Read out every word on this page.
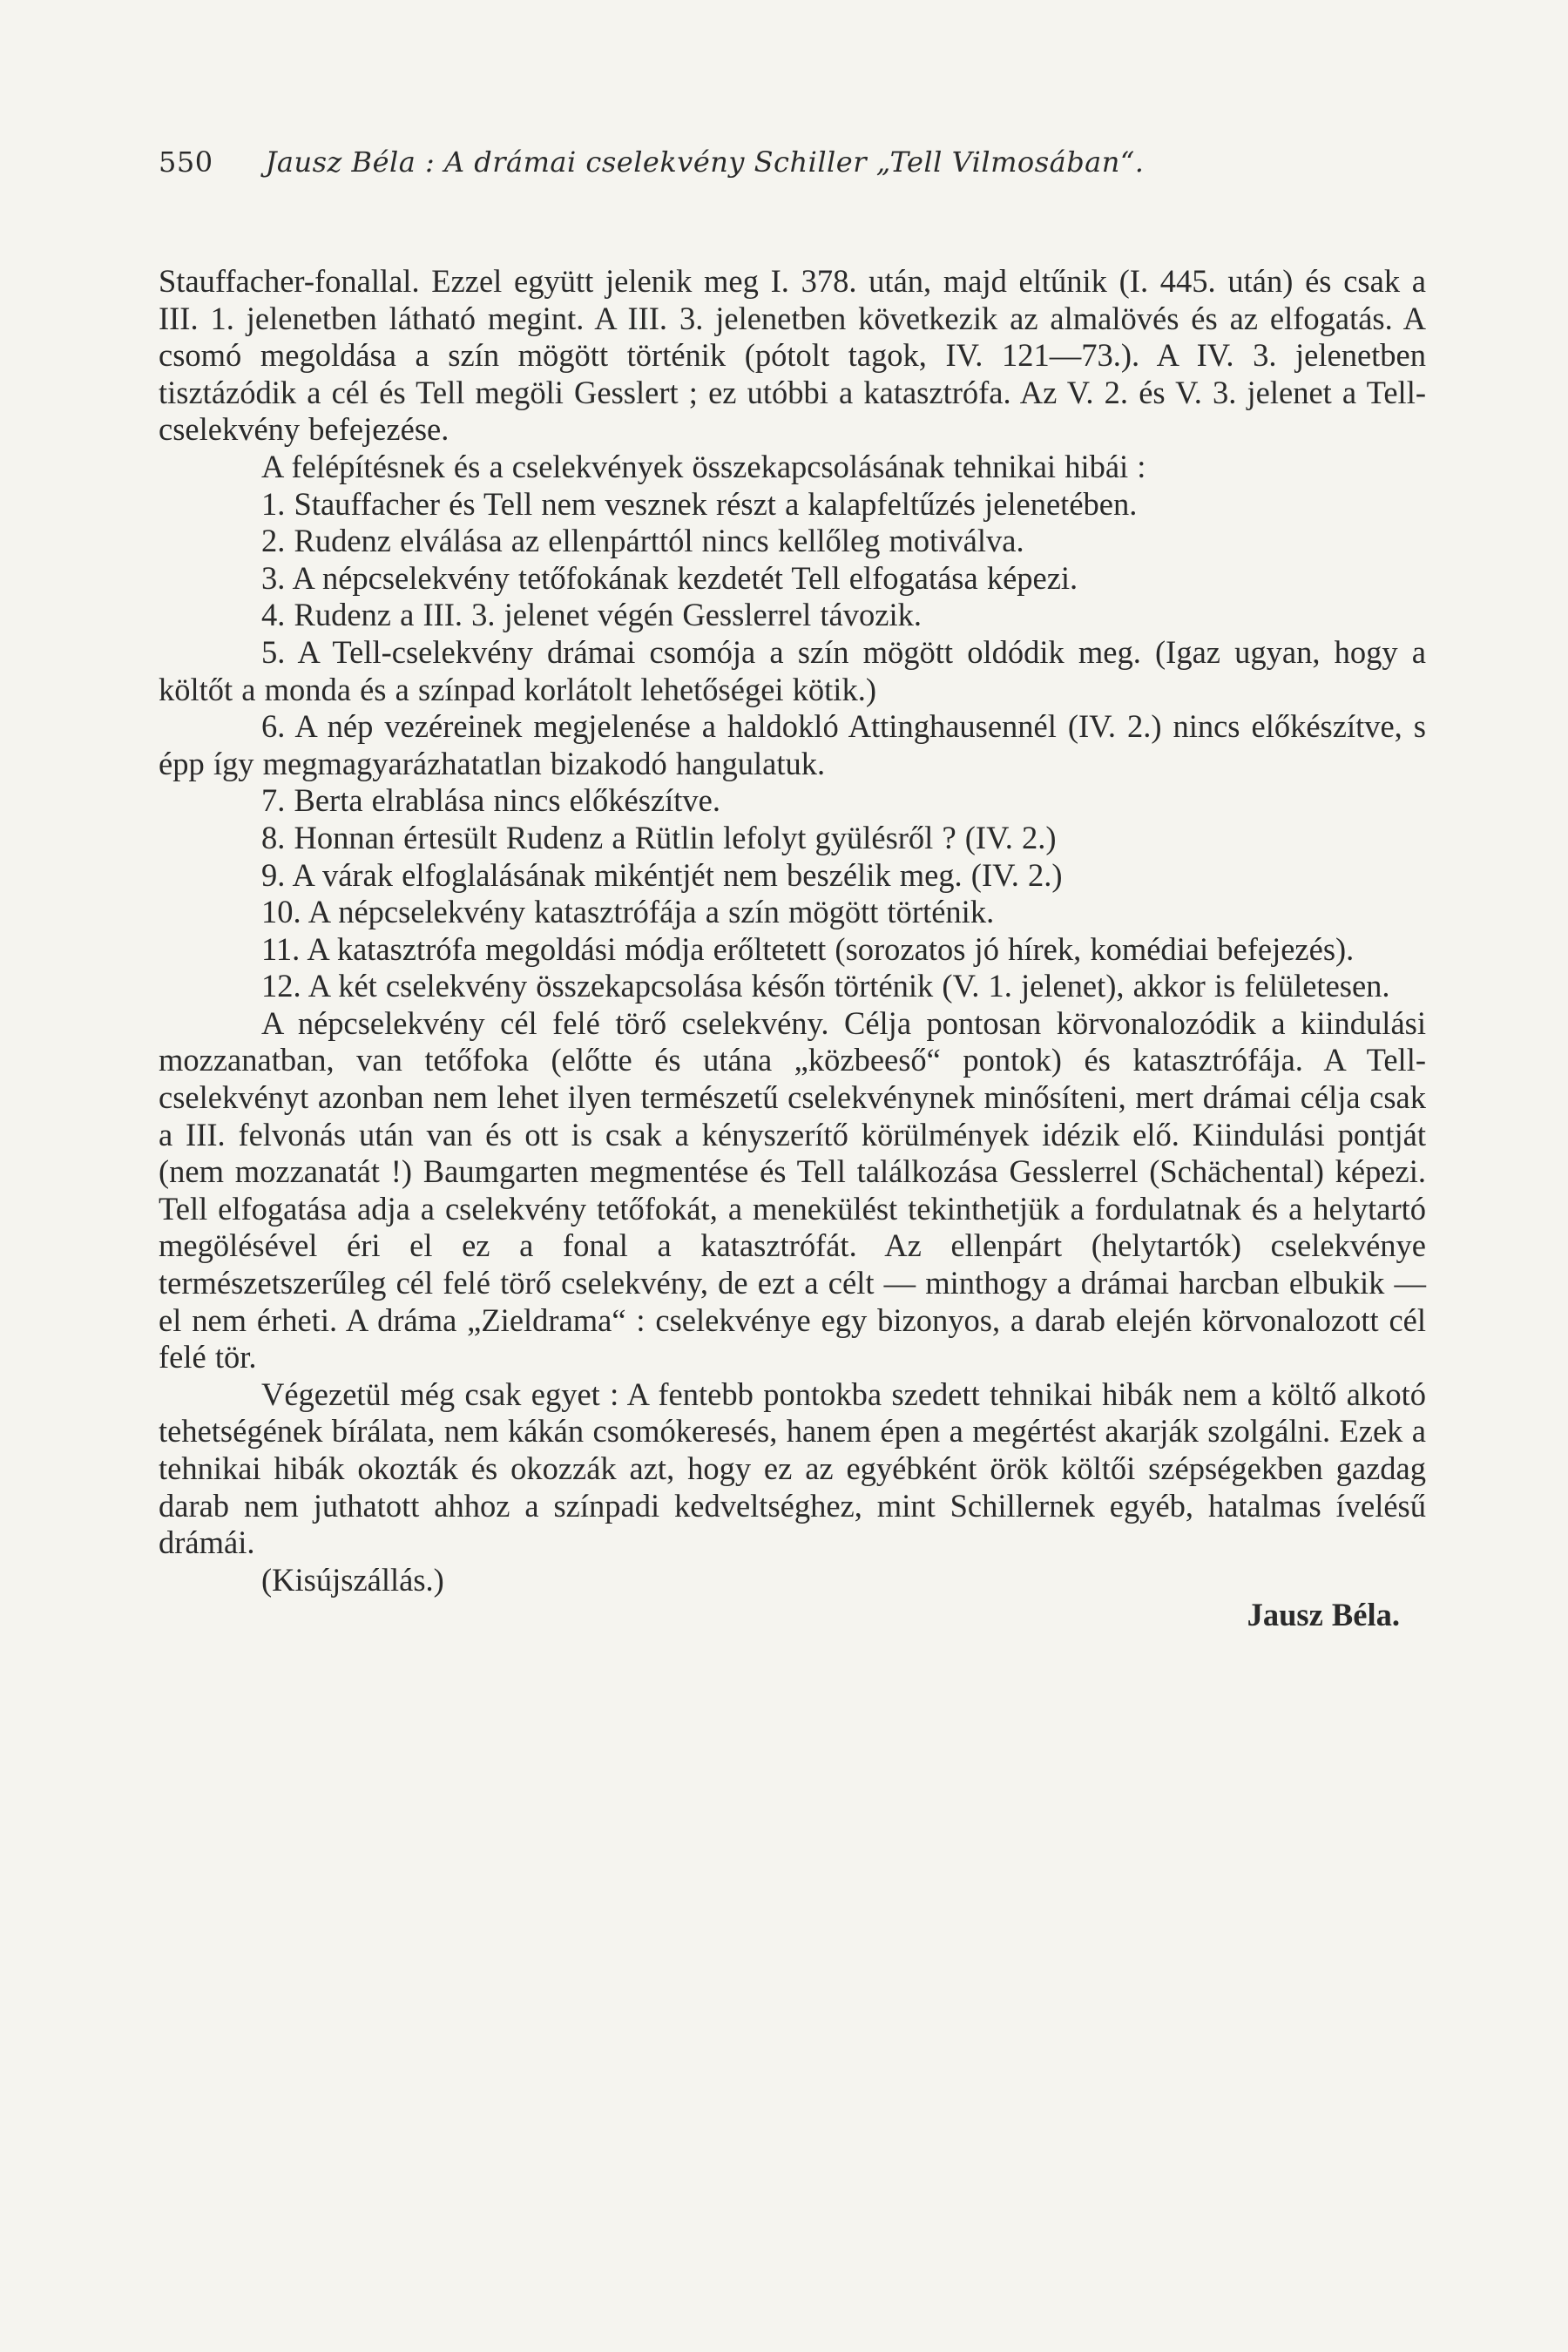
550 Jausz Béla : A drámai cselekvény Schiller „Tell Vilmosában“.

Stauffacher-fonallal. Ezzel együtt jelenik meg I. 378. után, majd eltűnik (I. 445. után) és csak a III. 1. jelenetben látható megint. A III. 3. jelenetben következik az almalövés és az elfogatás. A csomó megoldása a szín mögött történik (pótolt tagok, IV. 121—73.). A IV. 3. jelenetben tisztázódik a cél és Tell megöli Gesslert ; ez utóbbi a katasztrófa. Az V. 2. és V. 3. jelenet a Tell-cselekvény befejezése.

A felépítésnek és a cselekvények összekapcsolásának tehnikai hibái :

1. Stauffacher és Tell nem vesznek részt a kalapfeltűzés jelenetében.

2. Rudenz elválása az ellenpárttól nincs kellőleg motiválva.

3. A népcselekvény tetőfokának kezdetét Tell elfogatása képezi.

4. Rudenz a III. 3. jelenet végén Gesslerrel távozik.

5. A Tell-cselekvény drámai csomója a szín mögött oldódik meg. (Igaz ugyan, hogy a költőt a monda és a színpad korlátolt lehetőségei kötik.)

6. A nép vezéreinek megjelenése a haldokló Attinghausennél (IV. 2.) nincs előkészítve, s épp így megmagyarázhatatlan bizakodó hangulatuk.

7. Berta elrablása nincs előkészítve.

8. Honnan értesült Rudenz a Rütlin lefolyt gyülésről ? (IV. 2.)

9. A várak elfoglalásának mikéntjét nem beszélik meg. (IV. 2.)

10. A népcselekvény katasztrófája a szín mögött történik.

11. A katasztrófa megoldási módja erőltetett (sorozatos jó hírek, komédiai befejezés).

12. A két cselekvény összekapcsolása későn történik (V. 1. jelenet), akkor is felületesen.

A népcselekvény cél felé törő cselekvény. Célja pontosan körvonalozódik a kiindulási mozzanatban, van tetőfoka (előtte és utána „közbeeső“ pontok) és katasztrófája. A Tell-cselekvényt azonban nem lehet ilyen természetű cselekvénynek minősíteni, mert drámai célja csak a III. felvonás után van és ott is csak a kényszerítő körülmények idézik elő. Kiindulási pontját (nem mozzanatát !) Baumgarten megmentése és Tell találkozása Gesslerrel (Schächental) képezi. Tell elfogatása adja a cselekvény tetőfokát, a menekülést tekinthetjük a fordulatnak és a helytartó megölésével éri el ez a fonal a katasztrófát. Az ellenpárt (helytartók) cselekvénye természetszerűleg cél felé törő cselekvény, de ezt a célt — minthogy a drámai harcban elbukik — el nem érheti. A dráma „Zieldrama“ : cselekvénye egy bizonyos, a darab elején körvonalozott cél felé tör.

Végezetül még csak egyet : A fentebb pontokba szedett tehnikai hibák nem a költő alkotó tehetségének bírálata, nem kákán csomókeresés, hanem épen a megértést akarják szolgálni. Ezek a tehnikai hibák okozták és okozzák azt, hogy ez az egyébként örök költői szépségekben gazdag darab nem juthatott ahhoz a színpadi kedveltséghez, mint Schillernek egyéb, hatalmas ívelésű drámái.

(Kisújszállás.)
Jausz Béla.
